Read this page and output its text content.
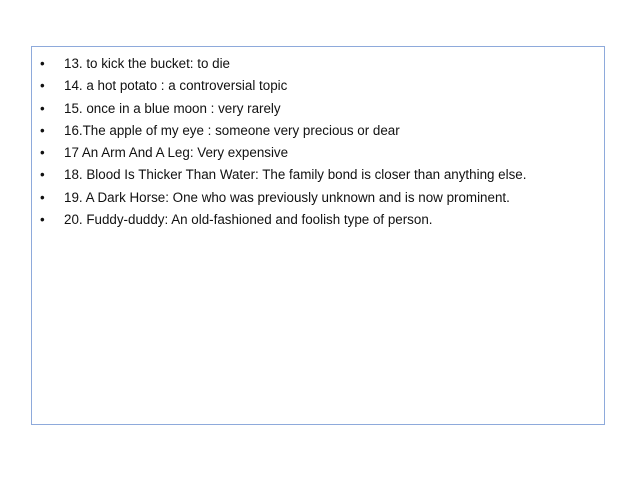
•	13. to kick the bucket: to die
•	14. a hot potato : a controversial topic
•	15. once in a blue moon : very rarely
•	16.The apple of my eye : someone very precious or dear
•	17 An Arm And A Leg: Very expensive
•	18. Blood Is Thicker Than Water: The family bond is closer than anything else.
•	19. A Dark Horse: One who was previously unknown and is now prominent.
•	20. Fuddy-duddy: An old-fashioned and foolish type of person.
